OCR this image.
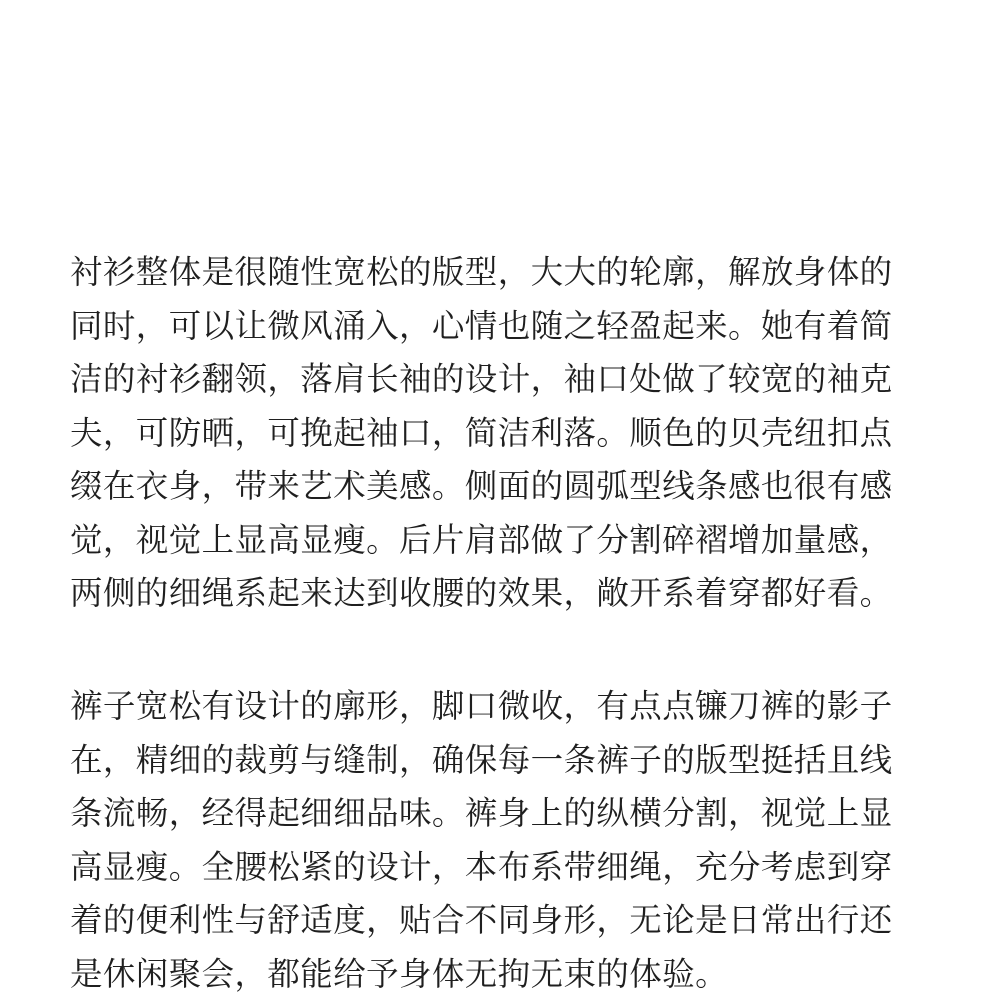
衬衫整体是很随性宽松的版型，大大的轮廓，解放身体的
同时，可以让微风涌入，心情也随之轻盈起来。她有着简
洁的衬衫翻领，落肩长袖的设计，袖口处做了较宽的袖克
夫，可防晒，可挽起袖口，简洁利落。顺色的贝壳纽扣点
缀在衣身，带来艺术美感。侧面的圆弧型线条感也很有感
觉，视觉上显高显瘦。后片肩部做了分割碎褶增加量感，
两侧的细绳系起来达到收腰的效果，敞开系着穿都好看。
裤子宽松有设计的廓形，脚口微收，有点点镰刀裤的影子
在，精细的裁剪与缝制，确保每一条裤子的版型挺括且线
条流畅，经得起细细品味。裤身上的纵横分割，视觉上显
高显瘦。全腰松紧的设计，本布系带细绳，充分考虑到穿
着的便利性与舒适度，贴合不同身形，无论是日常出行还
是休闲聚会，都能给予身体无拘无束的体验。
